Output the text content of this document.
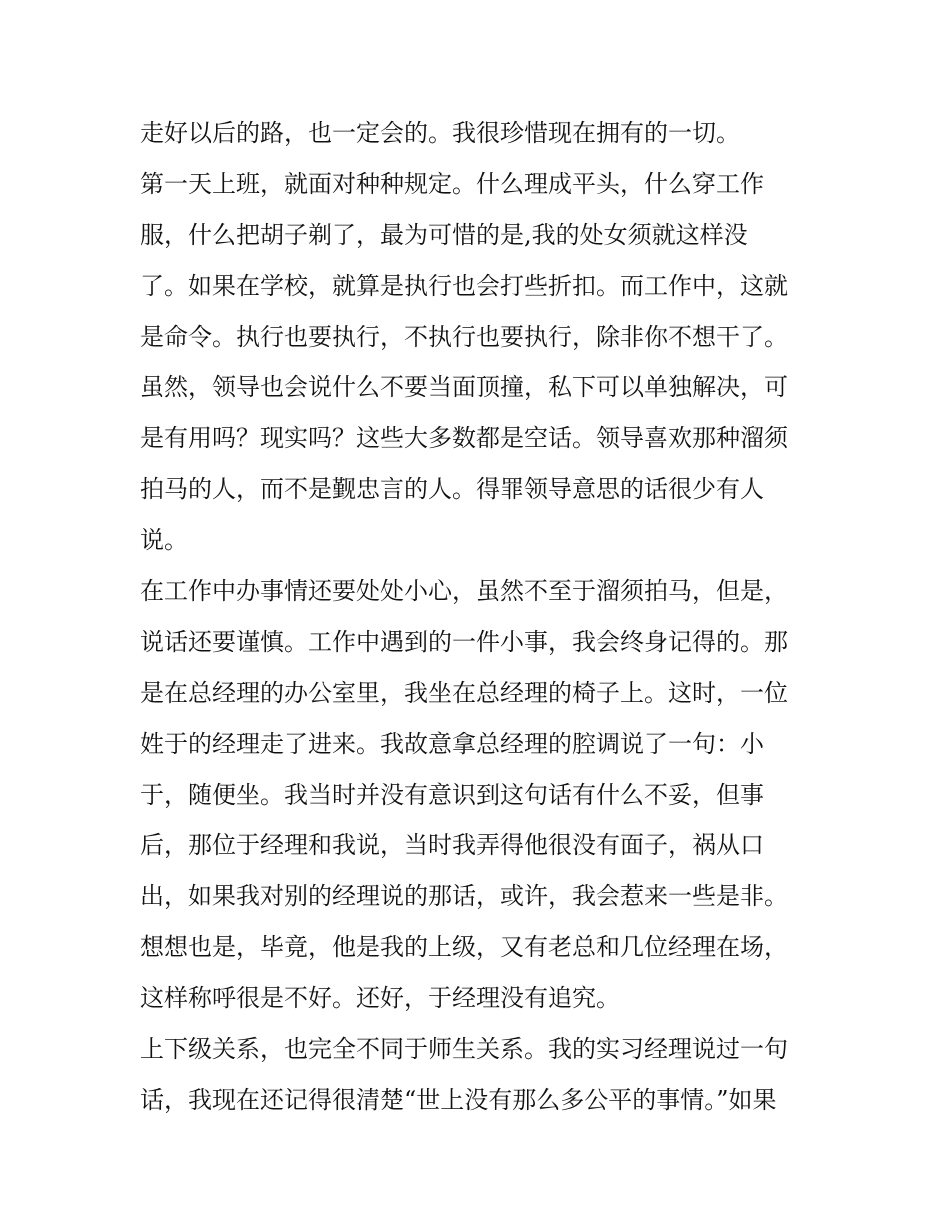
走好以后的路，也一定会的。我很珍惜现在拥有的一切。
第一天上班，就面对种种规定。什么理成平头，什么穿工作
服，什么把胡子剃了，最为可惜的是,我的处女须就这样没
了。如果在学校，就算是执行也会打些折扣。而工作中，这就
是命令。执行也要执行，不执行也要执行，除非你不想干了。
虽然，领导也会说什么不要当面顶撞，私下可以单独解决，可
是有用吗？现实吗？这些大多数都是空话。领导喜欢那种溜须
拍马的人，而不是觐忠言的人。得罪领导意思的话很少有人
说。
在工作中办事情还要处处小心，虽然不至于溜须拍马，但是，
说话还要谨慎。工作中遇到的一件小事，我会终身记得的。那
是在总经理的办公室里，我坐在总经理的椅子上。这时，一位
姓于的经理走了进来。我故意拿总经理的腔调说了一句：小
于，随便坐。我当时并没有意识到这句话有什么不妥，但事
后，那位于经理和我说，当时我弄得他很没有面子，祸从口
出，如果我对别的经理说的那话，或许，我会惹来一些是非。
想想也是，毕竟，他是我的上级，又有老总和几位经理在场，
这样称呼很是不好。还好，于经理没有追究。
上下级关系，也完全不同于师生关系。我的实习经理说过一句
话，我现在还记得很清楚“世上没有那么多公平的事情。”如果
